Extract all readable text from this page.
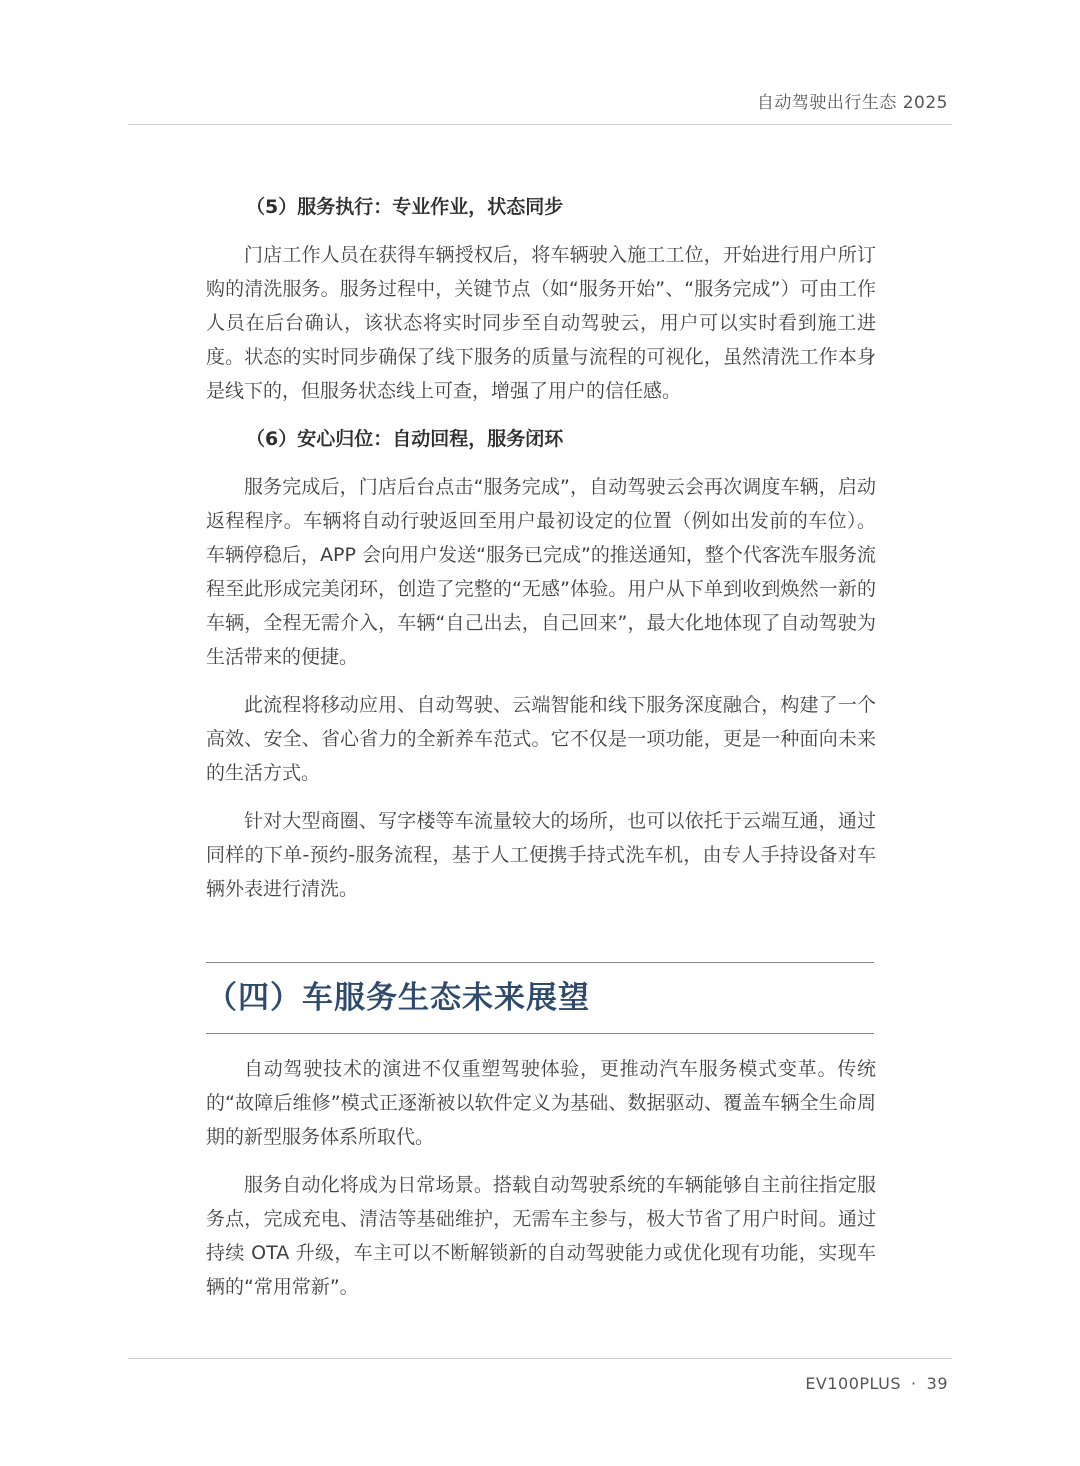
自动驾驶出行生态 2025
（5）服务执行：专业作业，状态同步

门店工作人员在获得车辆授权后，将车辆驶入施工工位，开始进行用户所订购的清洗服务。服务过程中，关键节点（如“服务开始”、“服务完成”）可由工作人员在后台确认，该状态将实时同步至自动驾驶云，用户可以实时看到施工进度。状态的实时同步确保了线下服务的质量与流程的可视化，虽然清洗工作本身是线下的，但服务状态线上可查，增强了用户的信任感。

（6）安心归位：自动回程，服务闭环

服务完成后，门店后台点击“服务完成”，自动驾驶云会再次调度车辆，启动返程程序。车辆将自动行驶返回至用户最初设定的位置（例如出发前的车位）。车辆停稳后，APP 会向用户发送“服务已完成”的推送通知，整个代客洗车服务流程至此形成完美闭环，创造了完整的“无感”体验。用户从下单到收到焕然一新的车辆，全程无需介入，车辆“自己出去，自己回来”，最大化地体现了自动驾驶为生活带来的便捷。

此流程将移动应用、自动驾驶、云端智能和线下服务深度融合，构建了一个高效、安全、省心省力的全新养车范式。它不仅是一项功能，更是一种面向未来的生活方式。

针对大型商圈、写字楼等车流量较大的场所，也可以依托于云端互通，通过同样的下单-预约-服务流程，基于人工便携手持式洗车机，由专人手持设备对车辆外表进行清洗。

（四）车服务生态未来展望

自动驾驶技术的演进不仅重塑驾驶体验，更推动汽车服务模式变革。传统的“故障后维修”模式正逐渐被以软件定义为基础、数据驱动、覆盖车辆全生命周期的新型服务体系所取代。

服务自动化将成为日常场景。搭载自动驾驶系统的车辆能够自主前往指定服务点，完成充电、清洁等基础维护，无需车主参与，极大节省了用户时间。通过持续 OTA 升级，车主可以不断解锁新的自动驾驶能力或优化现有功能，实现车辆的“常用常新”。

EV100PLUS · 39
